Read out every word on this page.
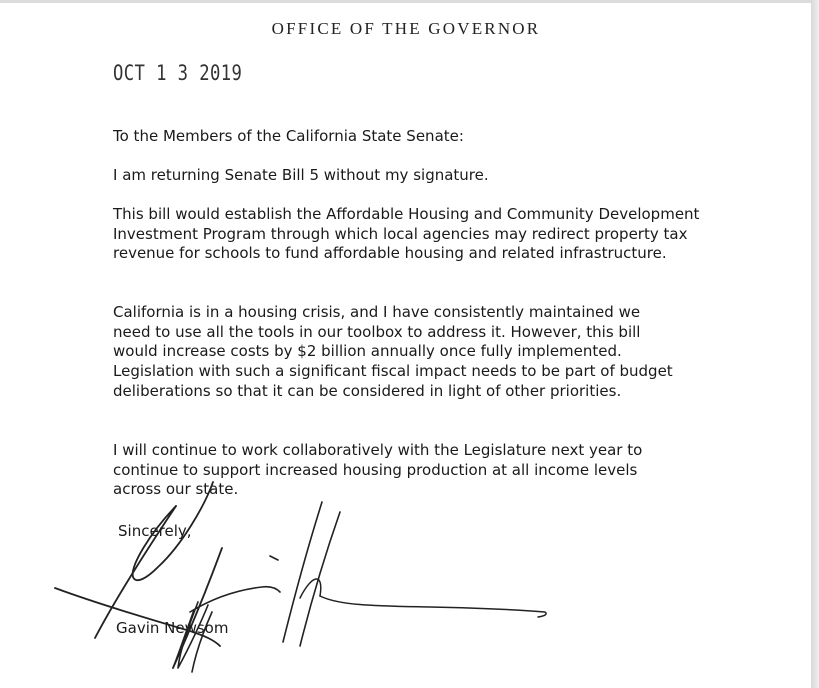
OFFICE OF THE GOVERNOR
OCT 1 3 2019
To the Members of the California State Senate:
I am returning Senate Bill 5 without my signature.
This bill would establish the Affordable Housing and Community Development Investment Program through which local agencies may redirect property tax revenue for schools to fund affordable housing and related infrastructure.
California is in a housing crisis, and I have consistently maintained we need to use all the tools in our toolbox to address it. However, this bill would increase costs by $2 billion annually once fully implemented. Legislation with such a significant fiscal impact needs to be part of budget deliberations so that it can be considered in light of other priorities.
I will continue to work collaboratively with the Legislature next year to continue to support increased housing production at all income levels across our state.
Sincerely,
Gavin Newsom
